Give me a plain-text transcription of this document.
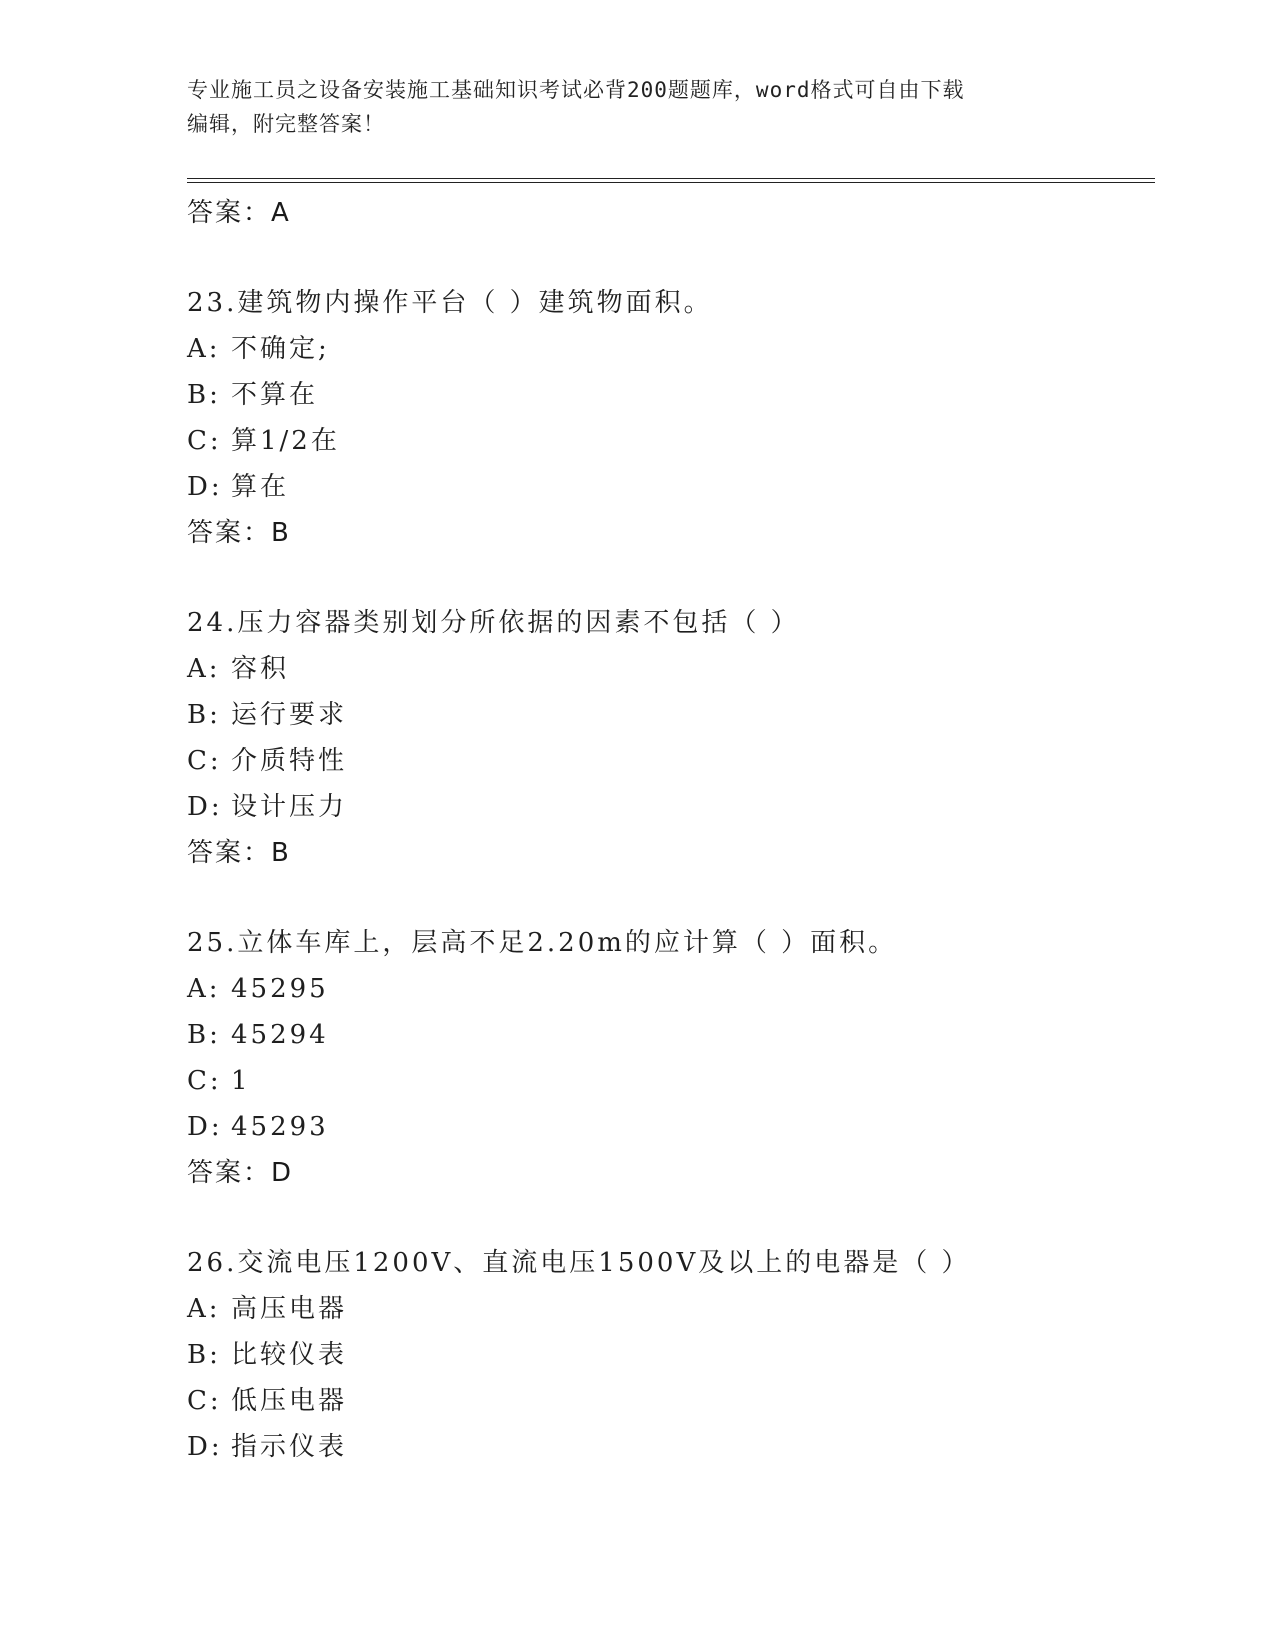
专业施工员之设备安装施工基础知识考试必背200题题库，word格式可自由下载
编辑，附完整答案！
答案：A
23.建筑物内操作平台（ ）建筑物面积。
A: 不确定;
B: 不算在
C: 算1/2在
D: 算在
答案：B
24.压力容器类别划分所依据的因素不包括（ ）
A: 容积
B: 运行要求
C: 介质特性
D: 设计压力
答案：B
25.立体车库上，层高不足2.20m的应计算（ ）面积。
A: 45295
B: 45294
C: 1
D: 45293
答案：D
26.交流电压1200V、直流电压1500V及以上的电器是（ ）
A: 高压电器
B: 比较仪表
C: 低压电器
D: 指示仪表
